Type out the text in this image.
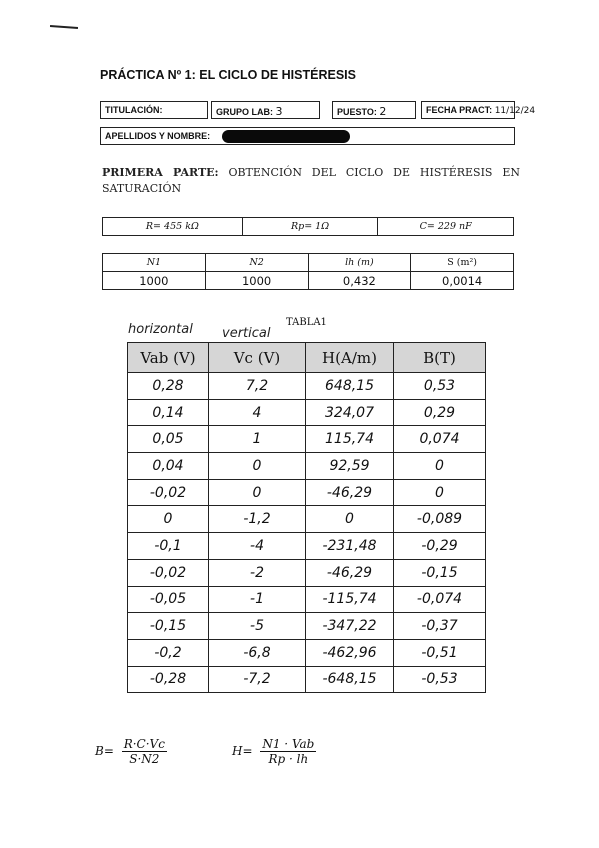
PRÁCTICA Nº 1: EL CICLO DE HISTÉRESIS
TITULACIÓN:	GRUPO LAB: 3	PUESTO: 2	FECHA PRACT: 11/12/24
APELLIDOS Y NOMBRE:
PRIMERA PARTE: OBTENCIÓN DEL CICLO DE HISTÉRESIS EN SATURACIÓN
R= 455 kΩ	Rp= 1Ω	C= 229 nF
N1	N2	lh (m)	S (m²)
1000	1000	0,432	0,0014
TABLA1
horizontal vertical
Vab (V)	Vc (V)	H(A/m)	B(T)
0,28	7,2	648,15	0,53
0,14	4	324,07	0,29
0,05	1	115,74	0,074
0,04	0	92,59	0
-0,02	0	-46,29	0
0	-1,2	0	-0,089
-0,1	-4	-231,48	-0,29
-0,02	-2	-46,29	-0,15
-0,05	-1	-115,74	-0,074
-0,15	-5	-347,22	-0,37
-0,2	-6,8	-462,96	-0,51
-0,28	-7,2	-648,15	-0,53
$B= \frac{R\cdot C\cdot Vc}{S\cdot N2}$	$H= \frac{\text{N1 · Vab}}{Rp \cdot lh}$
